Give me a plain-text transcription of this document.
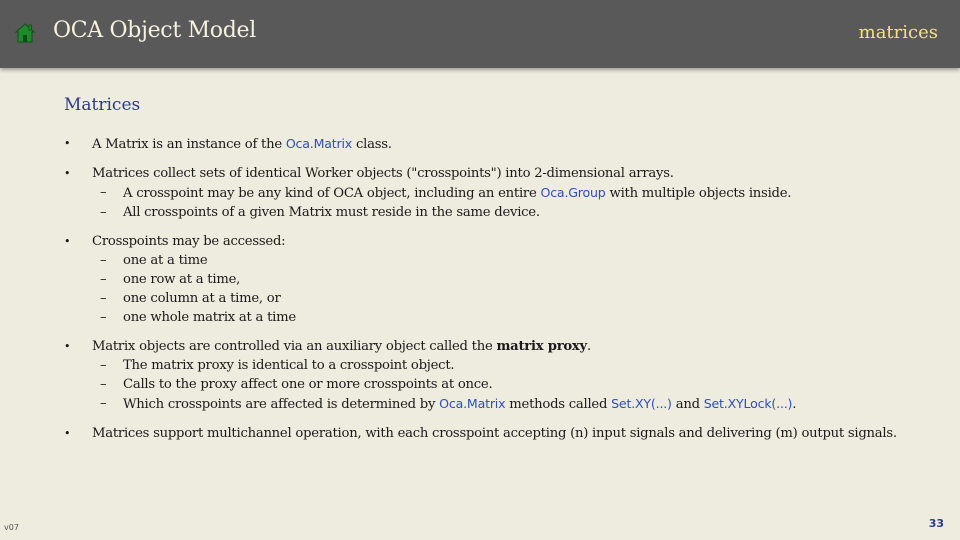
OCA Object Model	matrices
Matrices
• A Matrix is an instance of the Oca.Matrix class.
• Matrices collect sets of identical Worker objects ("crosspoints") into 2-dimensional arrays.
– A crosspoint may be any kind of OCA object, including an entire Oca.Group with multiple objects inside.
– All crosspoints of a given Matrix must reside in the same device.
• Crosspoints may be accessed:
– one at a time
– one row at a time,
– one column at a time, or
– one whole matrix at a time
• Matrix objects are controlled via an auxiliary object called the matrix proxy.
– The matrix proxy is identical to a crosspoint object.
– Calls to the proxy affect one or more crosspoints at once.
– Which crosspoints are affected is determined by Oca.Matrix methods called Set.XY(...) and Set.XYLock(...).
• Matrices support multichannel operation, with each crosspoint accepting (n) input signals and delivering (m) output signals.
v07	33
